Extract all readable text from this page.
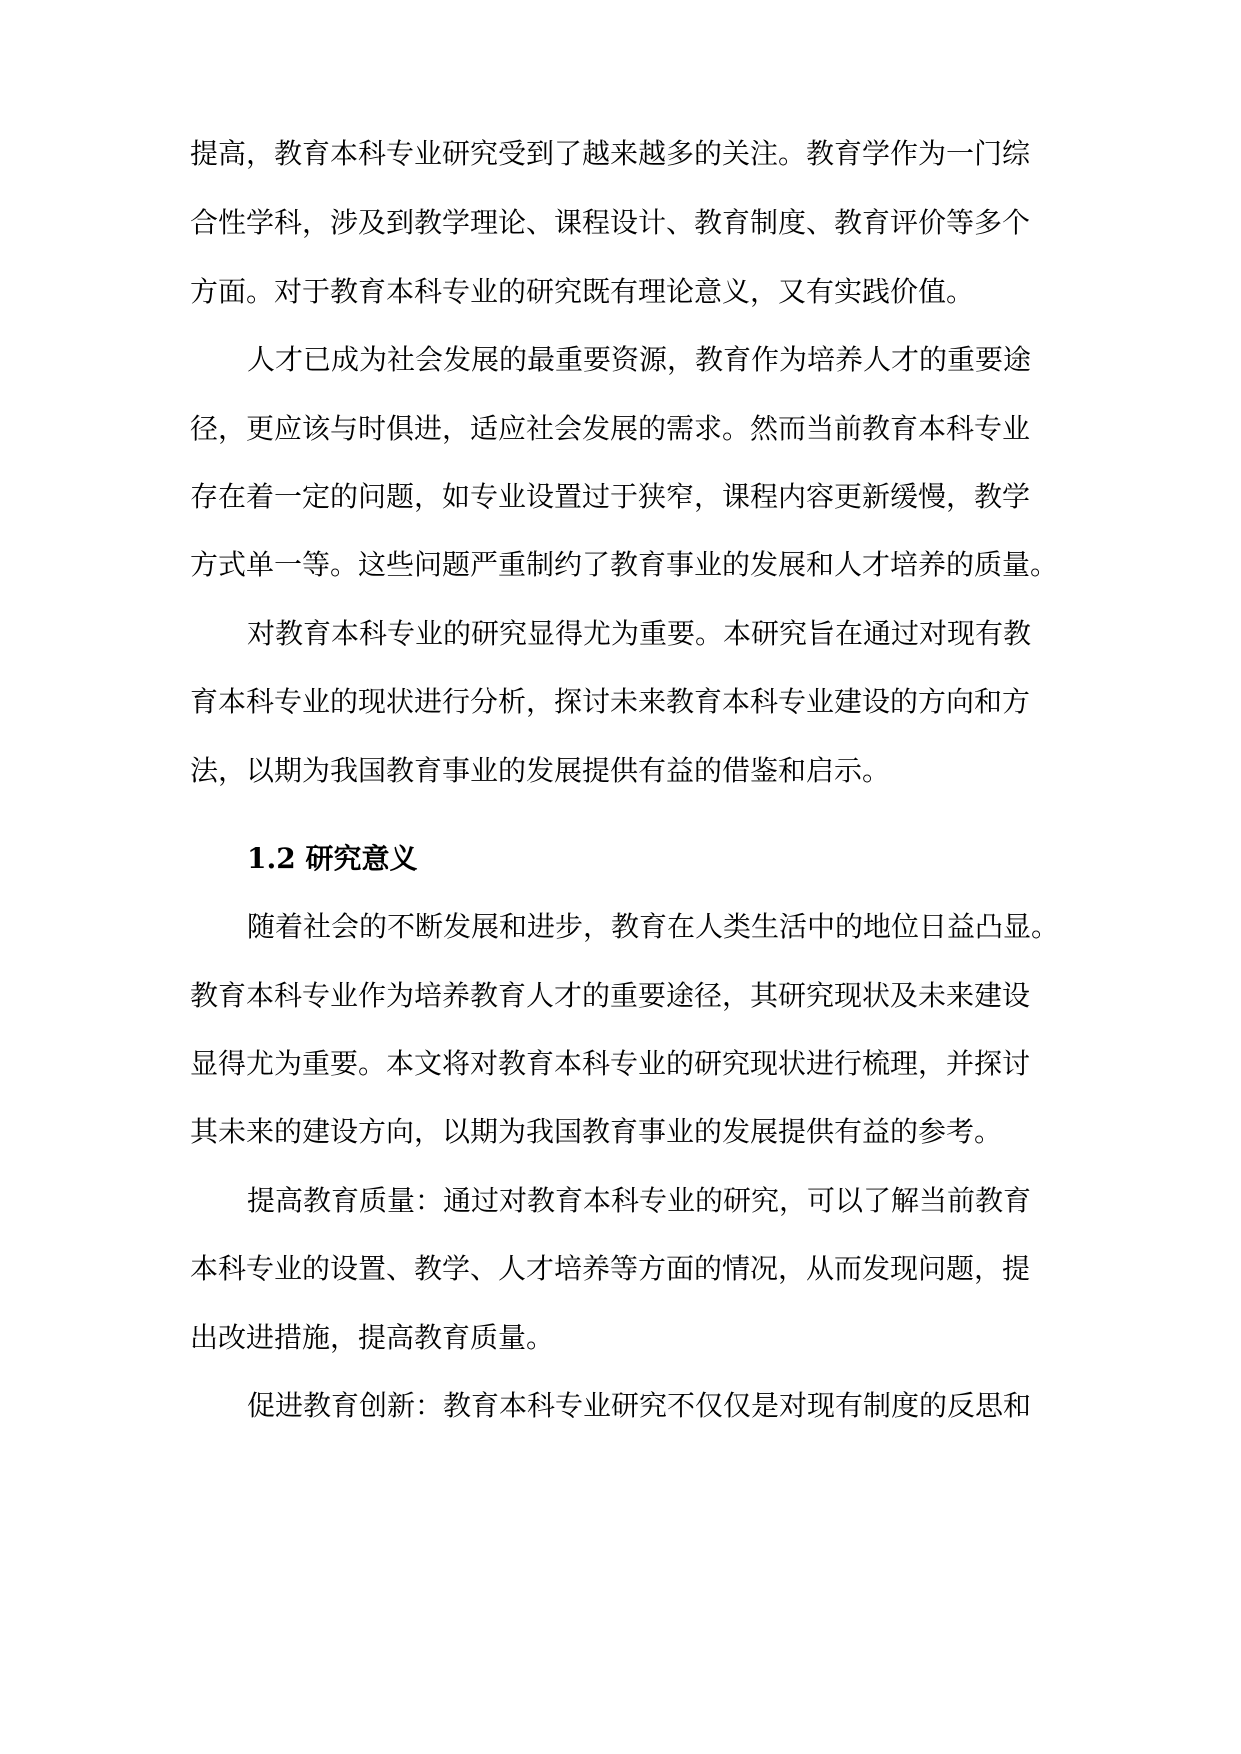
提高，教育本科专业研究受到了越来越多的关注。教育学作为一门综
合性学科，涉及到教学理论、课程设计、教育制度、教育评价等多个
方面。对于教育本科专业的研究既有理论意义，又有实践价值。
人才已成为社会发展的最重要资源，教育作为培养人才的重要途
径，更应该与时俱进，适应社会发展的需求。然而当前教育本科专业
存在着一定的问题，如专业设置过于狭窄，课程内容更新缓慢，教学
方式单一等。这些问题严重制约了教育事业的发展和人才培养的质量。
对教育本科专业的研究显得尤为重要。本研究旨在通过对现有教
育本科专业的现状进行分析，探讨未来教育本科专业建设的方向和方
法，以期为我国教育事业的发展提供有益的借鉴和启示。
1.2 研究意义
随着社会的不断发展和进步，教育在人类生活中的地位日益凸显。
教育本科专业作为培养教育人才的重要途径，其研究现状及未来建设
显得尤为重要。本文将对教育本科专业的研究现状进行梳理，并探讨
其未来的建设方向，以期为我国教育事业的发展提供有益的参考。
提高教育质量：通过对教育本科专业的研究，可以了解当前教育
本科专业的设置、教学、人才培养等方面的情况，从而发现问题，提
出改进措施，提高教育质量。
促进教育创新：教育本科专业研究不仅仅是对现有制度的反思和
